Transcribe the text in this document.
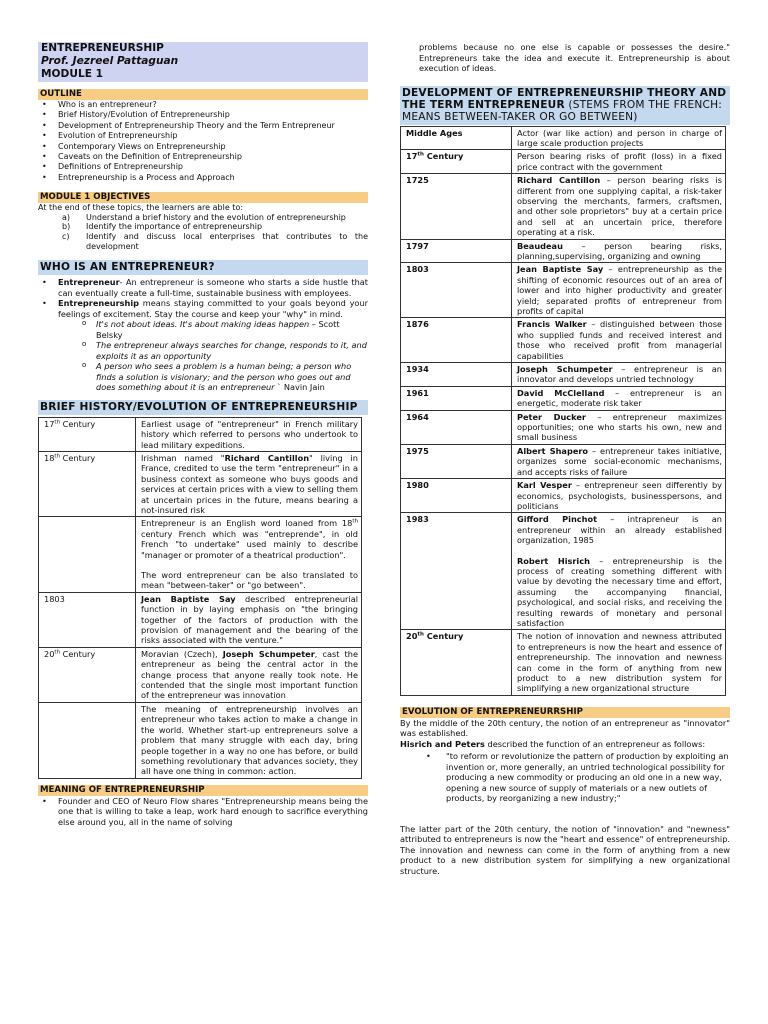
ENTREPRENEURSHIP
Prof. Jezreel Pattaguan
MODULE 1
OUTLINE
• Who is an entrepreneur?
• Brief History/Evolution of Entrepreneurship
• Development of Entrepreneurship Theory and the Term Entrepreneur
• Evolution of Entrepreneurship
• Contemporary Views on Entrepreneurship
• Caveats on the Definition of Entrepreneurship
• Definitions of Entrepreneurship
• Entrepreneurship is a Process and Approach
MODULE 1 OBJECTIVES
At the end of these topics, the learners are able to:
a)	Understand a brief history and the evolution of entrepreneurship
b)	Identify the importance of entrepreneurship
c)	Identify and discuss local enterprises that contributes to the development
WHO IS AN ENTREPRENEUR?
• Entrepreneur- An entrepreneur is someone who starts a side hustle that can eventually create a full-time, sustainable business with employees.
• Entrepreneurship means staying committed to your goals beyond your feelings of excitement. Stay the course and keep your "why" in mind.
o It's not about ideas. It's about making ideas happen – Scott Belsky
o The entrepreneur always searches for change, responds to it, and exploits it as an opportunity
o A person who sees a problem is a human being; a person who finds a solution is visionary; and the person who goes out and does something about it is an entrepreneur ` Navin Jain
BRIEF HISTORY/EVOLUTION OF ENTREPRENEURSHIP
17th Century	Earliest usage of "entrepreneur" in French military history which referred to persons who undertook to lead military expeditions.
18th Century	Irishman named "Richard Cantillon" living in France, credited to use the term "entrepreneur" in a business context as someone who buys goods and services at certain prices with a view to selling them at uncertain prices in the future, means bearing a not-insured risk

	Entrepreneur is an English word loaned from 18th century French which was "entreprende", in old French "to undertake" used mainly to describe "manager or promoter of a theatrical production".

The word entrepreneur can be also translated to mean "between-taker" or "go between".

1803	Jean Baptiste Say described entrepreneurial function in by laying emphasis on "the bringing together of the factors of production with the provision of management and the bearing of the risks associated with the venture."
20th Century	Moravian (Czech), Joseph Schumpeter, cast the entrepreneur as being the central actor in the change process that anyone really took note. He contended that the single most important function of the entrepreneur was innovation
	The meaning of entrepreneurship involves an entrepreneur who takes action to make a change in the world. Whether start-up entrepreneurs solve a problem that many struggle with each day, bring people together in a way no one has before, or build something revolutionary that advances society, they all have one thing in common: action.
MEANING OF ENTREPRENEURSHIP
• Founder and CEO of Neuro Flow shares "Entrepreneurship means being the one that is willing to take a leap, work hard enough to sacrifice everything else around you, all in the name of solving

problems because no one else is capable or possesses the desire." Entrepreneurs take the idea and execute it. Entrepreneurship is about execution of ideas.

DEVELOPMENT OF ENTREPRENEURSHIP THEORY AND THE TERM ENTREPRENEUR (STEMS FROM THE FRENCH: MEANS BETWEEN-TAKER OR GO BETWEEN)
Middle Ages	Actor (war like action) and person in charge of large scale production projects
17th Century	Person bearing risks of profit (loss) in a fixed price contract with the government
1725	Richard Cantillon – person bearing risks is different from one supplying capital, a risk-taker observing the merchants, farmers, craftsmen, and other sole proprietors" buy at a certain price and sell at an uncertain price, therefore operating at a risk.
1797	Beaudeau – person bearing risks, planning,supervising, organizing and owning
1803	Jean Baptiste Say – entrepreneurship as the shifting of economic resources out of an area of lower and into higher productivity and greater yield; separated profits of entrepreneur from profits of capital
1876	Francis Walker – distinguished between those who supplied funds and received interest and those who received profit from managerial capabilities
1934	Joseph Schumpeter – entrepreneur is an innovator and develops untried technology
1961	David McClelland – entrepreneur is an energetic, moderate risk taker
1964	Peter Ducker – entrepreneur maximizes opportunities; one who starts his own, new and small business
1975	Albert Shapero – entrepreneur takes initiative, organizes some social-economic mechanisms, and accepts risks of failure
1980	Karl Vesper – entrepreneur seen differently by economics, psychologists, businesspersons, and politicians
1983	Gifford Pinchot – intrapreneur is an entrepreneur within an already established organization, 1985

Robert Hisrich – entrepreneurship is the process of creating something different with value by devoting the necessary time and effort, assuming the accompanying financial, psychological, and social risks, and receiving the resulting rewards of monetary and personal satisfaction

20th Century	The notion of innovation and newness attributed to entrepreneurs is now the heart and essence of entrepreneurship. The innovation and newness can come in the form of anything from new product to a new distribution system for simplifying a new organizational structure
EVOLUTION OF ENTREPRENEURRSHIP

By the middle of the 20th century, the notion of an entrepreneur as "innovator" was established.

Hisrich and Peters described the function of an entrepreneur as follows:

• "to reform or revolutionize the pattern of production by exploiting an invention or, more generally, an untried technological possibility for producing a new commodity or producing an old one in a new way, opening a new source of supply of materials or a new outlets of products, by reorganizing a new industry;"

The latter part of the 20th century, the notion of "innovation" and "newness" attributed to entrepreneurs is now the "heart and essence" of entrepreneurship. The innovation and newness can come in the form of anything from a new product to a new distribution system for simplifying a new organizational structure.
